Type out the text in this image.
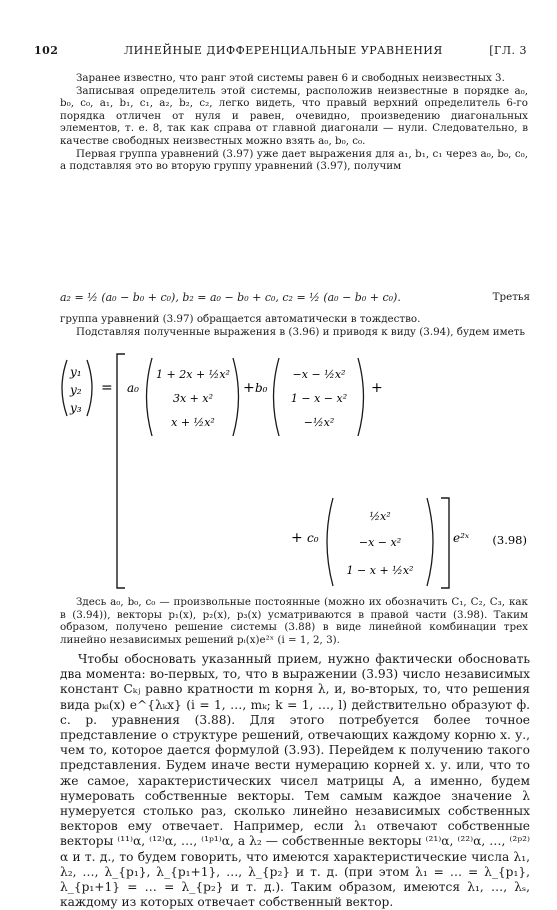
102	ЛИНЕЙНЫЕ ДИФФЕРЕНЦИАЛЬНЫЕ УРАВНЕНИЯ	[ГЛ. 3

Заранее известно, что ранг этой системы равен 6 и свободных неизвестных 3.

Записывая определитель этой системы, расположив неизвестные в порядке a₀, b₀, c₀, a₁, b₁, c₁, a₂, b₂, c₂, легко видеть, что правый верхний определитель 6-го порядка отличен от нуля и равен, очевидно, произведению диагональных элементов, т. е. 8, так как справа от главной диагонали — нули. Следовательно, в качестве свободных неизвестных можно взять a₀, b₀, c₀.

Первая группа уравнений (3.97) уже дает выражения для a₁, b₁, c₁ через a₀, b₀, c₀, а подставляя это во вторую группу уравнений (3.97), получим

a₂ = ½ (a₀ − b₀ + c₀), b₂ = a₀ − b₀ + c₀, c₂ = ½ (a₀ − b₀ + c₀).	Третья

группа уравнений (3.97) обращается автоматически в тождество.

Подставляя полученные выражения в (3.96) и приводя к виду (3.94), будем иметь

y₁
y₂
y₃
= a₀
1 + 2x + ½x²
3x + x²
x + ½x²
+ b₀
−x − ½x²
1 − x − x²
−½x²
+
+ c₀
½x²
−x − x²
1 − x + ½x²
e²ˣ (3.98)

Здесь a₀, b₀, c₀ — произвольные постоянные (можно их обозначить C₁, C₂, C₃, как в (3.94)), векторы p₁(x), p₂(x), p₃(x) усматриваются в правой части (3.98). Таким образом, получено решение системы (3.88) в виде линейной комбинации трех линейно независимых решений pᵢ(x)e²ˣ (i = 1, 2, 3).

Чтобы обосновать указанный прием, нужно фактически обосновать два момента: во-первых, то, что в выражении (3.93) число независимых констант Cₖⱼ равно кратности m корня λ, и, во-вторых, то, что решения вида pₖᵢ(x) e^{λₖx} (i = 1, …, mₖ; k = 1, …, l) действительно образуют ф. с. р. уравнения (3.88). Для этого потребуется более точное представление о структуре решений, отвечающих каждому корню х. у., чем то, которое дается формулой (3.93). Перейдем к получению такого представления. Будем иначе вести нумерацию корней х. у. или, что то же самое, характеристических чисел матрицы A, а именно, будем нумеровать собственные векторы. Тем самым каждое значение λ нумеруется столько раз, сколько линейно независимых собственных векторов ему отвечает. Например, если λ₁ отвечают собственные векторы ⁽¹¹⁾α, ⁽¹²⁾α, …, ⁽¹ᵖ¹⁾α, а λ₂ — собственные векторы ⁽²¹⁾α, ⁽²²⁾α, …, ⁽²ᵖ²⁾α и т. д., то будем говорить, что имеются характеристические числа λ₁, λ₂, …, λ_{p₁}, λ_{p₁+1}, …, λ_{p₂} и т. д. (при этом λ₁ = … = λ_{p₁}, λ_{p₁+1} = … = λ_{p₂} и т. д.). Таким образом, имеются λ₁, …, λₛ, каждому из которых отвечает собственный вектор.
